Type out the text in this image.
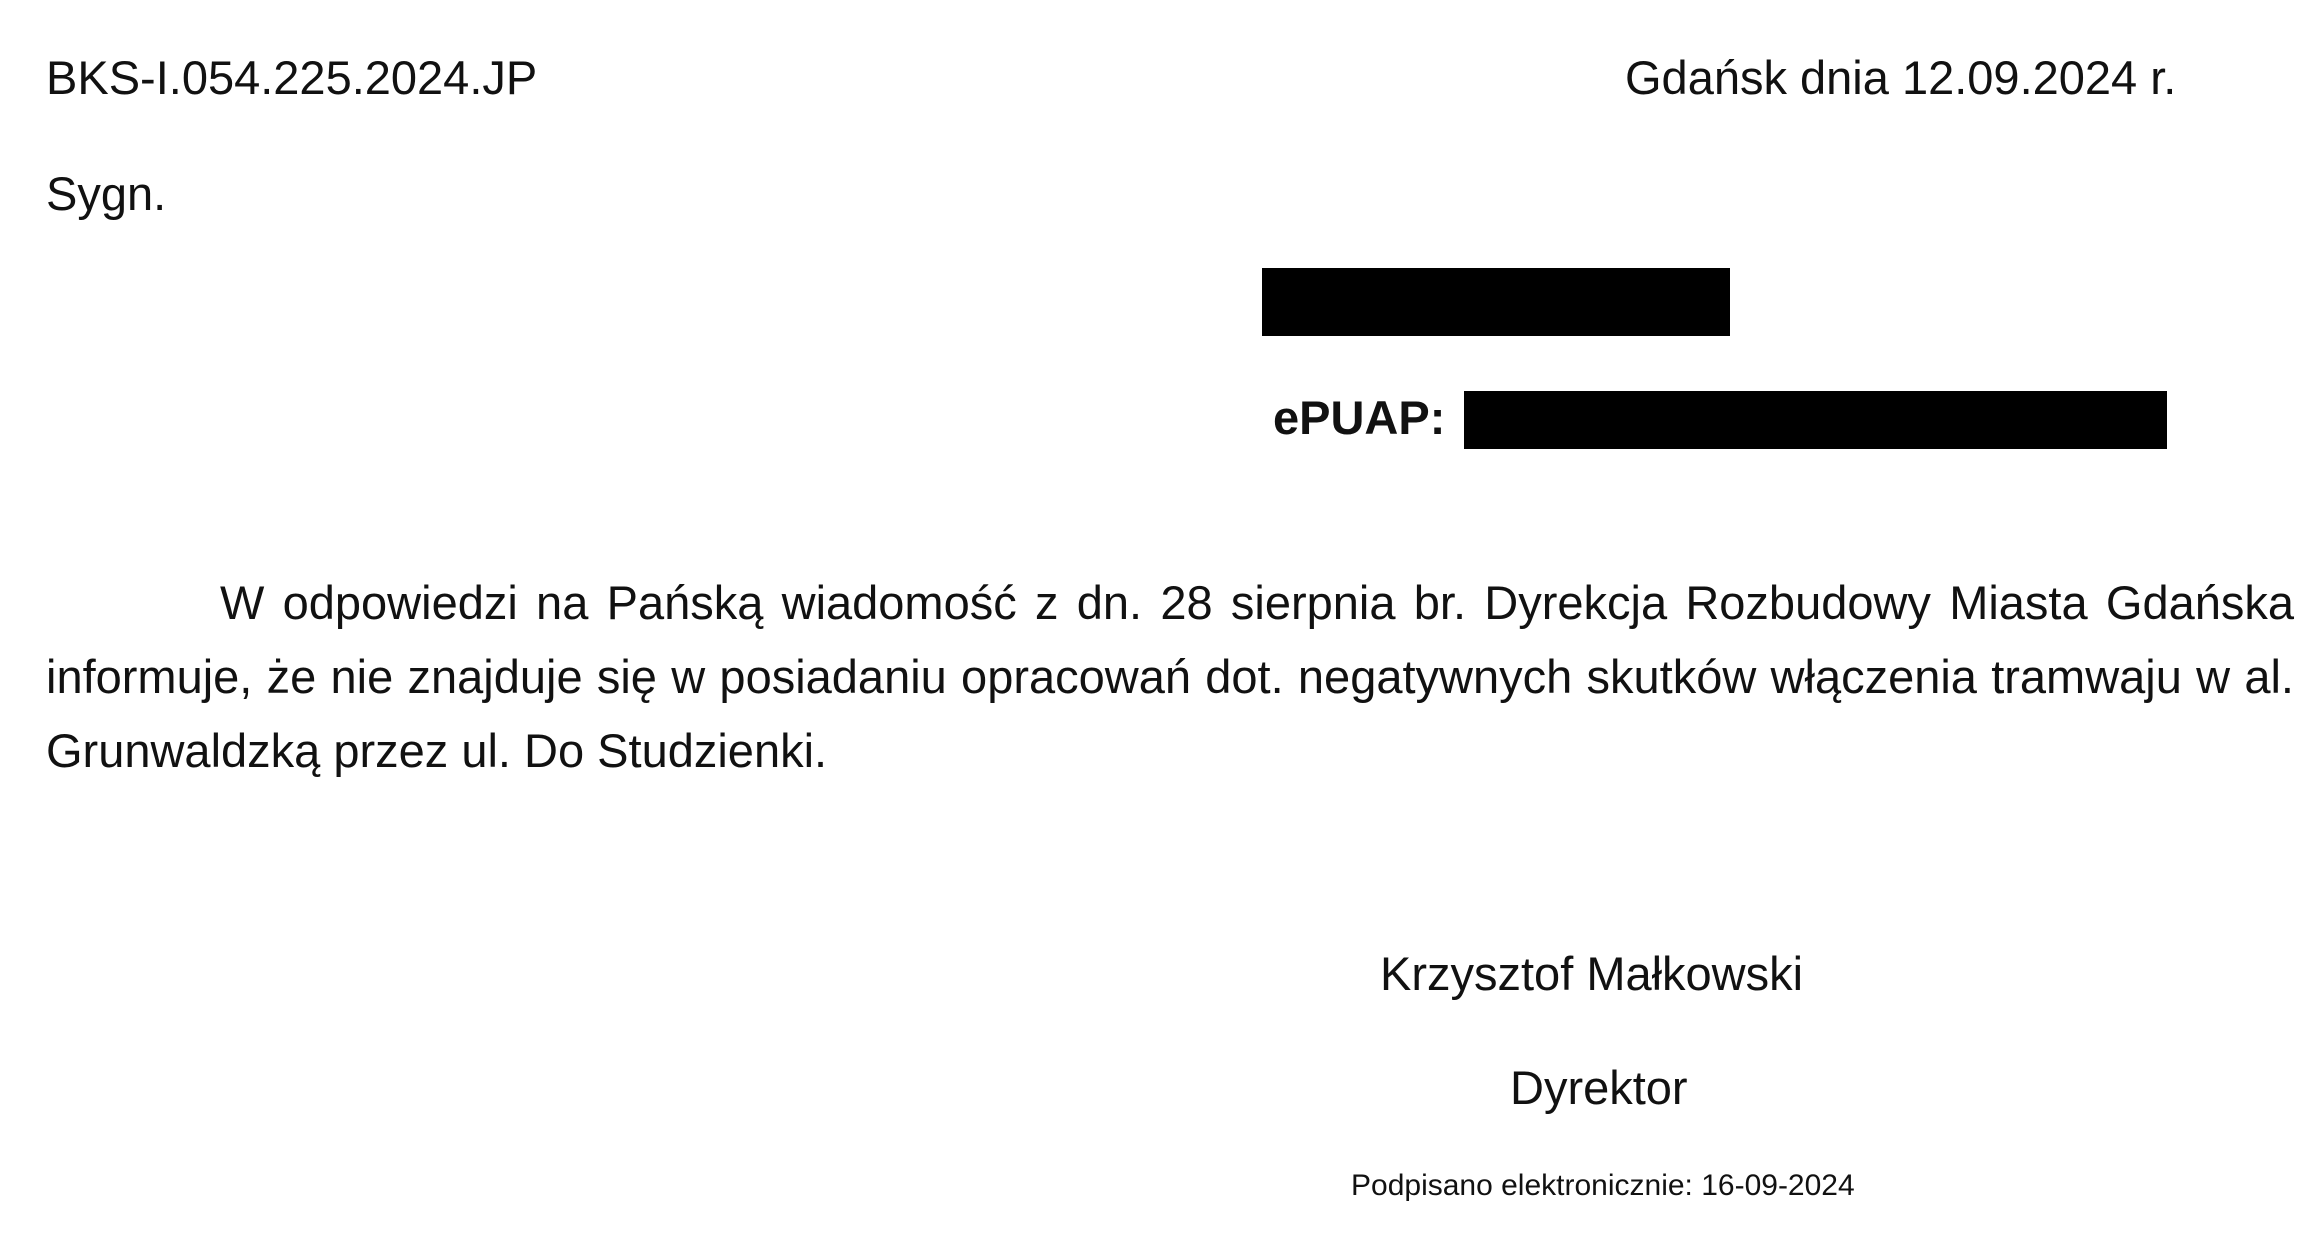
BKS-I.054.225.2024.JP	Gdańsk dnia 12.09.2024 r.
Sygn.
ePUAP:

W odpowiedzi na Pańską wiadomość z dn. 28 sierpnia br. Dyrekcja Rozbudowy Miasta Gdańska informuje, że nie znajduje się w posiadaniu opracowań dot. negatywnych skutków włączenia tramwaju w al. Grunwaldzką przez ul. Do Studzienki.

Krzysztof Małkowski
Dyrektor
Podpisano elektronicznie: 16-09-2024
